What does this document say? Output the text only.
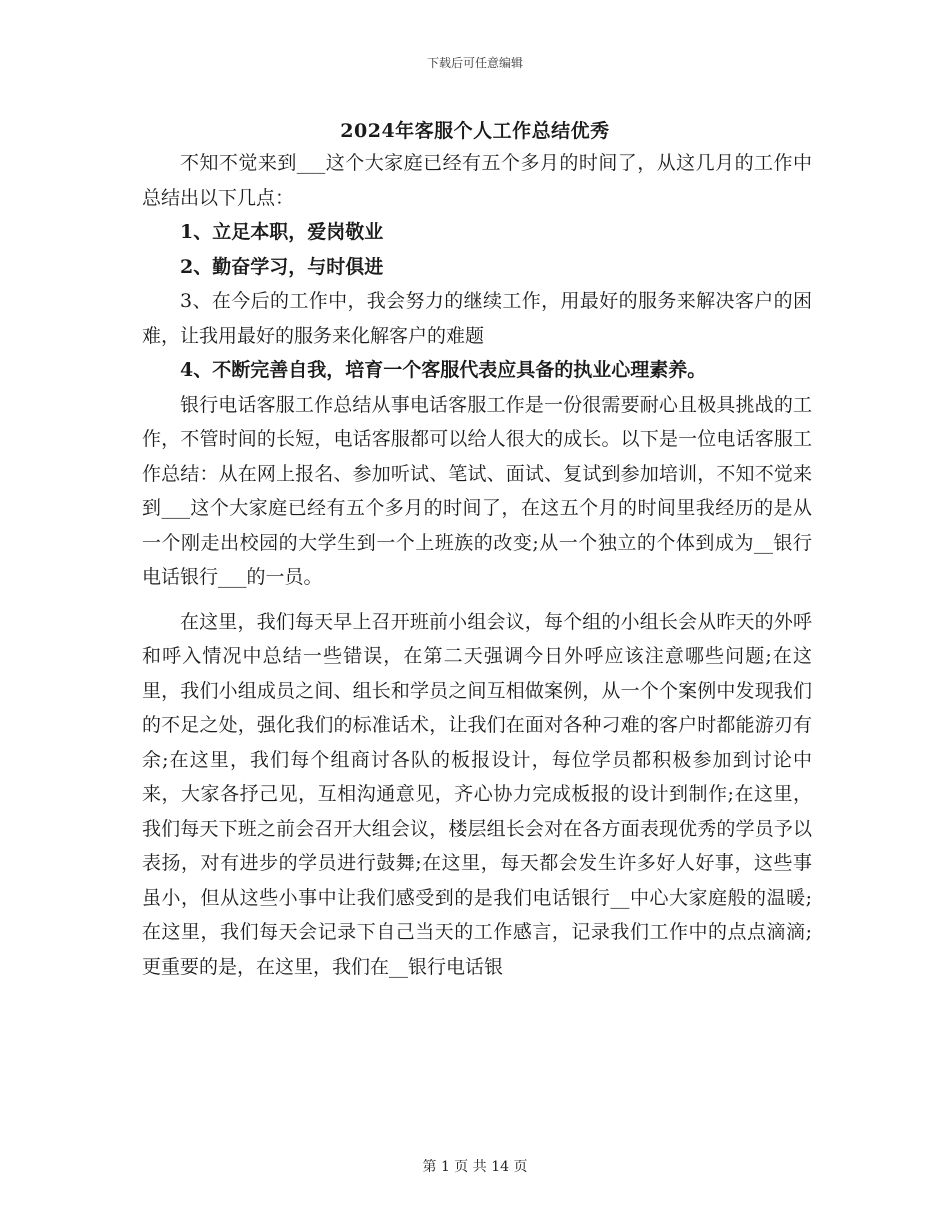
下载后可任意编辑
2024年客服个人工作总结优秀

不知不觉来到___这个大家庭已经有五个多月的时间了，从这几月的工作中总结出以下几点：

1、立足本职，爱岗敬业

2、勤奋学习，与时俱进

3、在今后的工作中，我会努力的继续工作，用最好的服务来解决客户的困难，让我用最好的服务来化解客户的难题

4、不断完善自我，培育一个客服代表应具备的执业心理素养。

银行电话客服工作总结从事电话客服工作是一份很需要耐心且极具挑战的工作，不管时间的长短，电话客服都可以给人很大的成长。以下是一位电话客服工作总结：从在网上报名、参加听试、笔试、面试、复试到参加培训，不知不觉来到___这个大家庭已经有五个多月的时间了，在这五个月的时间里我经历的是从一个刚走出校园的大学生到一个上班族的改变;从一个独立的个体到成为__银行电话银行___的一员。

在这里，我们每天早上召开班前小组会议，每个组的小组长会从昨天的外呼和呼入情况中总结一些错误，在第二天强调今日外呼应该注意哪些问题;在这里，我们小组成员之间、组长和学员之间互相做案例，从一个个案例中发现我们的不足之处，强化我们的标准话术，让我们在面对各种刁难的客户时都能游刃有余;在这里，我们每个组商讨各队的板报设计，每位学员都积极参加到讨论中来，大家各抒己见，互相沟通意见，齐心协力完成板报的设计到制作;在这里，我们每天下班之前会召开大组会议，楼层组长会对在各方面表现优秀的学员予以表扬，对有进步的学员进行鼓舞;在这里，每天都会发生许多好人好事，这些事虽小，但从这些小事中让我们感受到的是我们电话银行__中心大家庭般的温暖;在这里，我们每天会记录下自己当天的工作感言，记录我们工作中的点点滴滴;更重要的是，在这里，我们在__银行电话银

第 1 页 共 14 页
